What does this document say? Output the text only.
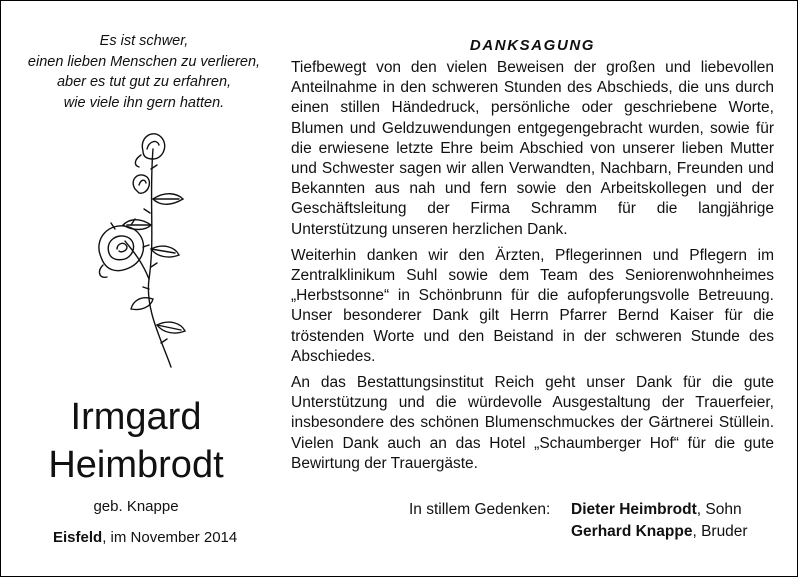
Es ist schwer,
einen lieben Menschen zu verlieren,
aber es tut gut zu erfahren,
wie viele ihn gern hatten.
Irmgard
Heimbrodt
geb. Knappe
Eisfeld, im November 2014
DANKSAGUNG

Tiefbewegt von den vielen Beweisen der großen und liebevollen Anteilnahme in den schweren Stunden des Abschieds, die uns durch einen stillen Händedruck, persönliche oder geschriebene Worte, Blumen und Geldzuwendungen entgegengebracht wurden, sowie für die erwiesene letzte Ehre beim Abschied von unserer lieben Mutter und Schwester sagen wir allen Verwandten, Nachbarn, Freunden und Bekannten aus nah und fern sowie den Arbeitskollegen und der Geschäftsleitung der Firma Schramm für die langjährige Unterstützung unseren herzlichen Dank.

Weiterhin danken wir den Ärzten, Pflegerinnen und Pflegern im Zentralklinikum Suhl sowie dem Team des Seniorenwohnheimes „Herbstsonne“ in Schönbrunn für die aufopferungsvolle Betreuung. Unser besonderer Dank gilt Herrn Pfarrer Bernd Kaiser für die tröstenden Worte und den Beistand in der schweren Stunde des Abschiedes.

An das Bestattungsinstitut Reich geht unser Dank für die gute Unterstützung und die würdevolle Ausgestaltung der Trauerfeier, insbesondere des schönen Blumenschmuckes der Gärtnerei Stüllein. Vielen Dank auch an das Hotel „Schaumberger Hof“ für die gute Bewirtung der Trauergäste.

In stillem Gedenken:	Dieter Heimbrodt, Sohn
Gerhard Knappe, Bruder
